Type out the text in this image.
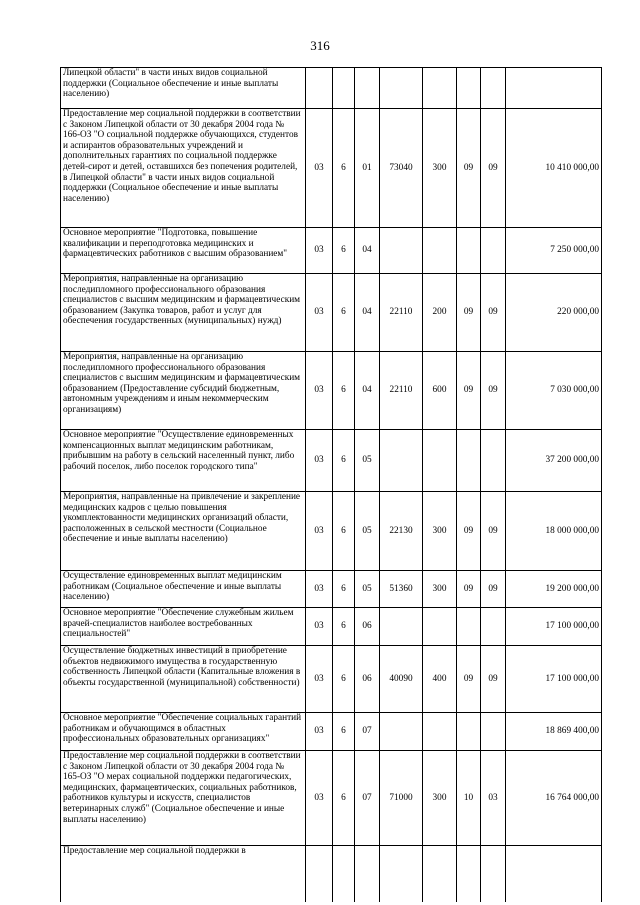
316
Липецкой области" в части иных видов социальной поддержки (Социальное обеспечение и иные выплаты населению)								
Предоставление мер социальной поддержки в соответствии с Законом Липецкой области от 30 декабря 2004 года № 166-ОЗ "О социальной поддержке обучающихся, студентов и аспирантов образовательных учреждений и дополнительных гарантиях по социальной поддержке детей-сирот и детей, оставшихся без попечения родителей, в Липецкой области" в части иных видов социальной поддержки (Социальное обеспечение и иные выплаты населению)	03	6	01	73040	300	09	09	10 410 000,00
Основное мероприятие "Подготовка, повышение квалификации и переподготовка медицинских и фармацевтических работников с высшим образованием"	03	6	04					7 250 000,00
Мероприятия, направленные на организацию последипломного профессионального образования специалистов с высшим медицинским и фармацевтическим образованием (Закупка товаров, работ и услуг для обеспечения государственных (муниципальных) нужд)	03	6	04	22110	200	09	09	220 000,00
Мероприятия, направленные на организацию последипломного профессионального образования специалистов с высшим медицинским и фармацевтическим образованием (Предоставление субсидий бюджетным, автономным учреждениям и иным некоммерческим организациям)	03	6	04	22110	600	09	09	7 030 000,00
Основное мероприятие "Осуществление единовременных компенсационных выплат медицинским работникам, прибывшим на работу в сельский населенный пункт, либо рабочий поселок, либо поселок городского типа"	03	6	05					37 200 000,00
Мероприятия, направленные на привлечение и закрепление медицинских кадров с целью повышения укомплектованности медицинских организаций области, расположенных в сельской местности (Социальное обеспечение и иные выплаты населению)	03	6	05	22130	300	09	09	18 000 000,00
Осуществление единовременных выплат медицинским работникам (Социальное обеспечение и иные выплаты населению)	03	6	05	51360	300	09	09	19 200 000,00
Основное мероприятие "Обеспечение служебным жильем врачей-специалистов наиболее востребованных специальностей"	03	6	06					17 100 000,00
Осуществление бюджетных инвестиций в приобретение объектов недвижимого имущества в государственную собственность Липецкой области (Капитальные вложения в объекты государственной (муниципальной) собственности)	03	6	06	40090	400	09	09	17 100 000,00
Основное мероприятие "Обеспечение социальных гарантий работникам и обучающимся в областных профессиональных образовательных организациях"	03	6	07					18 869 400,00
Предоставление мер социальной поддержки в соответствии с Законом Липецкой области от 30 декабря 2004 года № 165-ОЗ "О мерах социальной поддержки педагогических, медицинских, фармацевтических, социальных работников, работников культуры и искусств, специалистов ветеринарных служб" (Социальное обеспечение и иные выплаты населению)	03	6	07	71000	300	10	03	16 764 000,00
Предоставление мер социальной поддержки в								
